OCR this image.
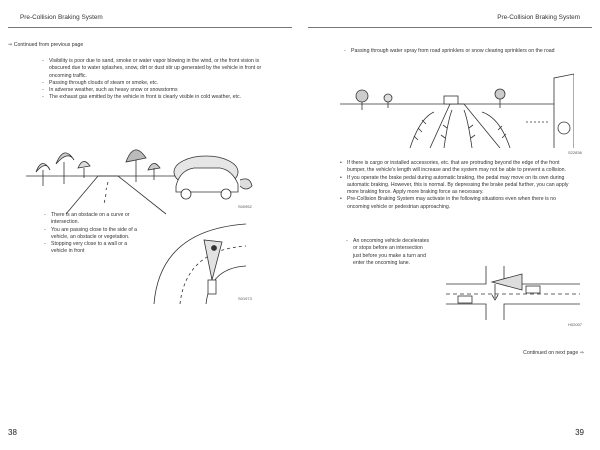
Pre-Collision Braking System
⇒ Continued from previous page
- Visibility is poor due to sand, smoke or water vapor blowing in the wind, or the front vision is obscured due to water splashes, snow, dirt or dust stir up generated by the vehicle in front or oncoming traffic.
- Passing through clouds of steam or smoke, etc.
- In adverse weather, such as heavy snow or snowstorms
- The exhaust gas emitted by the vehicle in front is clearly visible in cold weather, etc.
S00952
- There is an obstacle on a curve or intersection.
- You are passing close to the side of a vehicle, an obstacle or vegetation.
- Stopping very close to a wall or a vehicle in front
S01973
38
Pre-Collision Braking System
- Passing through water spray from road sprinklers or snow clearing sprinklers on the road
S22836
• If there is cargo or installed accessories, etc. that are protruding beyond the edge of the front bumper, the vehicle's length will increase and the system may not be able to prevent a collision.
• If you operate the brake pedal during automatic braking, the pedal may move on its own during automatic braking. However, this is normal. By depressing the brake pedal further, you can apply more braking force. Apply more braking force as necessary.
• Pre-Collision Braking System may activate in the following situations even when there is no oncoming vehicle or pedestrian approaching.
- An oncoming vehicle decelerates or stops before an intersection just before you make a turn and enter the oncoming lane.
H02007
Continued on next page ⇒
39
